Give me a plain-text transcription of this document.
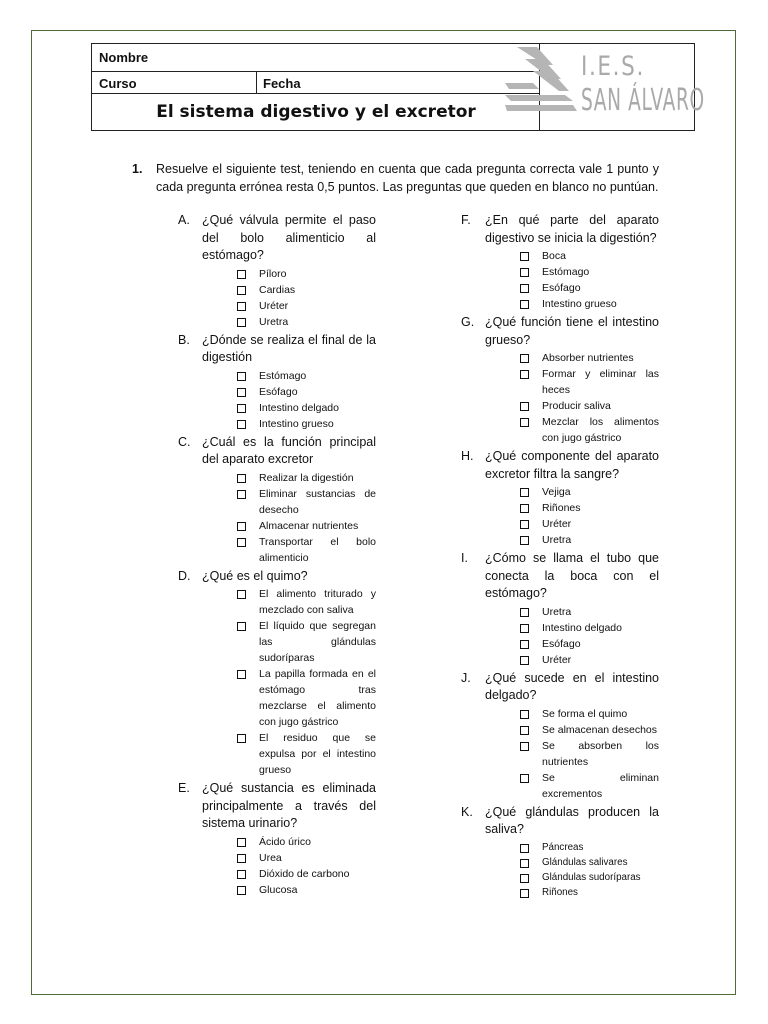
Nombre
Curso	Fecha
El sistema digestivo y el excretor
I.E.S.
SAN ÁLVARO
1. Resuelve el siguiente test, teniendo en cuenta que cada pregunta correcta vale 1 punto y cada pregunta errónea resta 0,5 puntos. Las preguntas que queden en blanco no puntúan.
A. ¿Qué válvula permite el paso del bolo alimenticio al estómago?
Píloro
Cardias
Uréter
Uretra
B. ¿Dónde se realiza el final de la digestión
Estómago
Esófago
Intestino delgado
Intestino grueso
C. ¿Cuál es la función principal del aparato excretor
Realizar la digestión
Eliminar sustancias de desecho
Almacenar nutrientes
Transportar el bolo alimenticio
D. ¿Qué es el quimo?
El alimento triturado y mezclado con saliva
El líquido que segregan las glándulas sudoríparas
La papilla formada en el estómago tras mezclarse el alimento con jugo gástrico
El residuo que se expulsa por el intestino grueso
E. ¿Qué sustancia es eliminada principalmente a través del sistema urinario?
Ácido úrico
Urea
Dióxido de carbono
Glucosa
F. ¿En qué parte del aparato digestivo se inicia la digestión?
Boca
Estómago
Esófago
Intestino grueso
G. ¿Qué función tiene el intestino grueso?
Absorber nutrientes
Formar y eliminar las heces
Producir saliva
Mezclar los alimentos con jugo gástrico
H. ¿Qué componente del aparato excretor filtra la sangre?
Vejiga
Riñones
Uréter
Uretra
I. ¿Cómo se llama el tubo que conecta la boca con el estómago?
Uretra
Intestino delgado
Esófago
Uréter
J. ¿Qué sucede en el intestino delgado?
Se forma el quimo
Se almacenan desechos
Se absorben los nutrientes
Se eliminan excrementos
K. ¿Qué glándulas producen la saliva?
Páncreas
Glándulas salivares
Glándulas sudoríparas
Riñones
